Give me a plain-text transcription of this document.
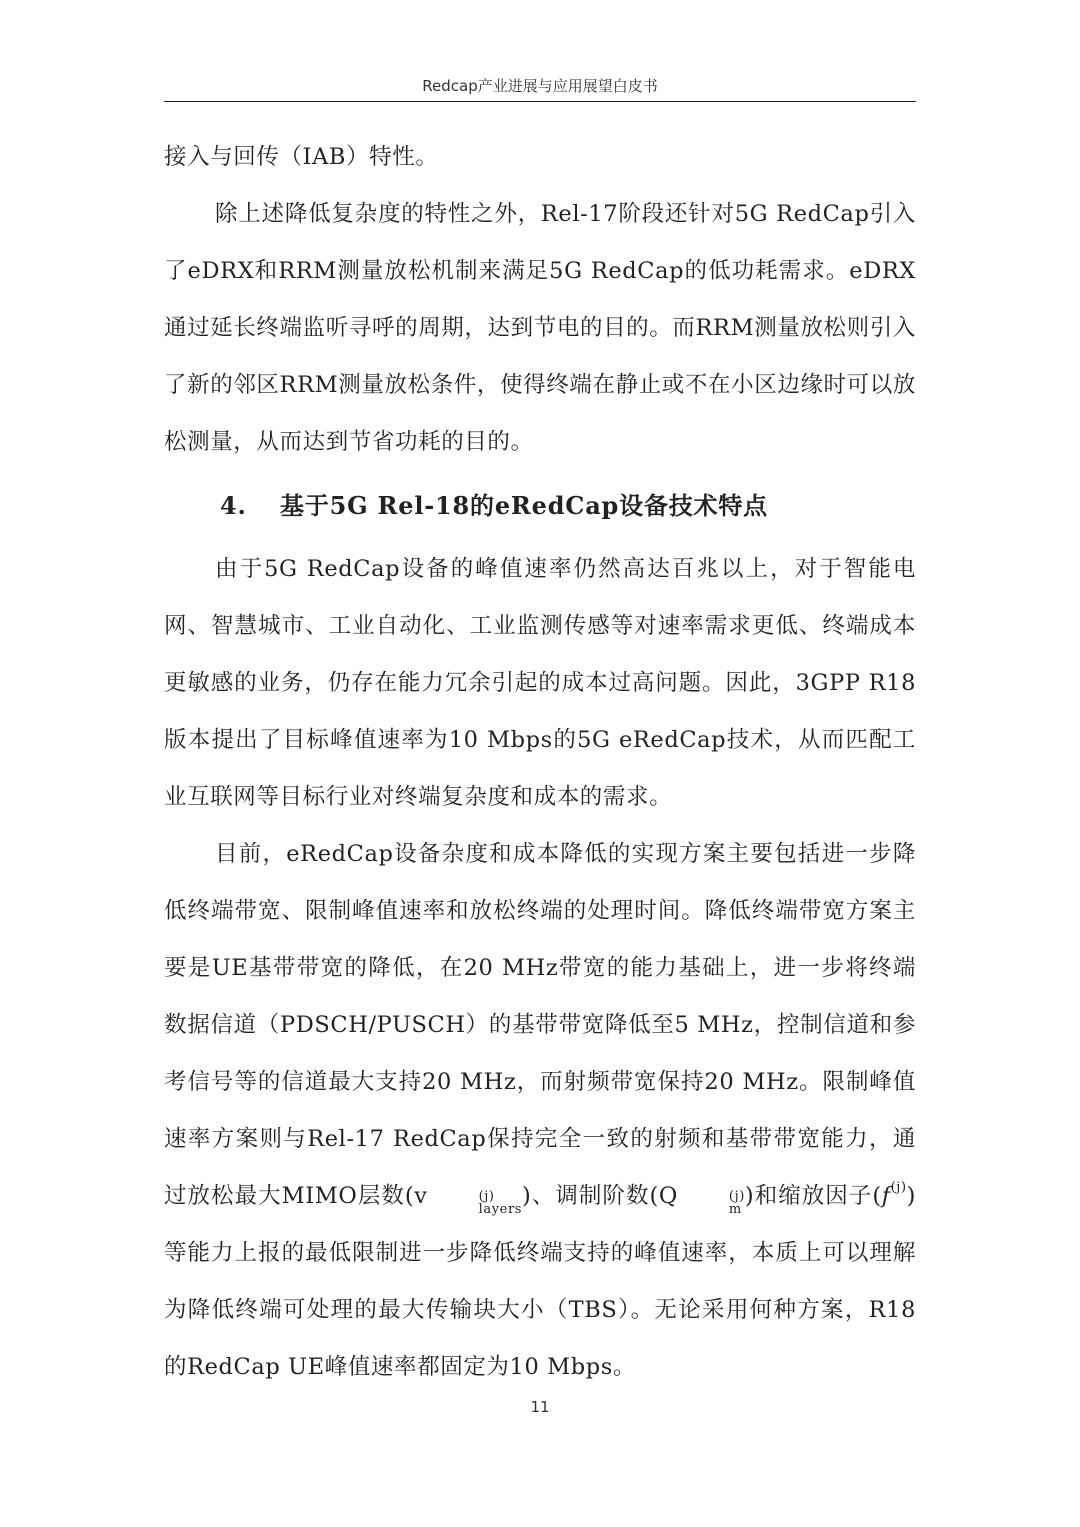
Redcap产业进展与应用展望白皮书

接入与回传（IAB）特性。

除上述降低复杂度的特性之外，Rel-17阶段还针对5G RedCap引入了eDRX和RRM测量放松机制来满足5G RedCap的低功耗需求。eDRX通过延长终端监听寻呼的周期，达到节电的目的。而RRM测量放松则引入了新的邻区RRM测量放松条件，使得终端在静止或不在小区边缘时可以放松测量，从而达到节省功耗的目的。

4. 基于5G Rel-18的eRedCap设备技术特点

由于5G RedCap设备的峰值速率仍然高达百兆以上，对于智能电网、智慧城市、工业自动化、工业监测传感等对速率需求更低、终端成本更敏感的业务，仍存在能力冗余引起的成本过高问题。因此，3GPP R18版本提出了目标峰值速率为10 Mbps的5G eRedCap技术，从而匹配工业互联网等目标行业对终端复杂度和成本的需求。

目前，eRedCap设备杂度和成本降低的实现方案主要包括进一步降低终端带宽、限制峰值速率和放松终端的处理时间。降低终端带宽方案主要是UE基带带宽的降低，在20 MHz带宽的能力基础上，进一步将终端数据信道（PDSCH/PUSCH）的基带带宽降低至5 MHz，控制信道和参考信号等的信道最大支持20 MHz，而射频带宽保持20 MHz。限制峰值速率方案则与Rel-17 RedCap保持完全一致的射频和基带带宽能力，通过放松最大MIMO层数(v	(j)
layers
)、调制阶数(Q	(j)
m
)和缩放因子$(f^{(j)})$等能力上报的最低限制进一步降低终端支持的峰值速率，本质上可以理解为降低终端可处理的最大传输块大小（TBS）。无论采用何种方案，R18的RedCap UE峰值速率都固定为10 Mbps。

11
